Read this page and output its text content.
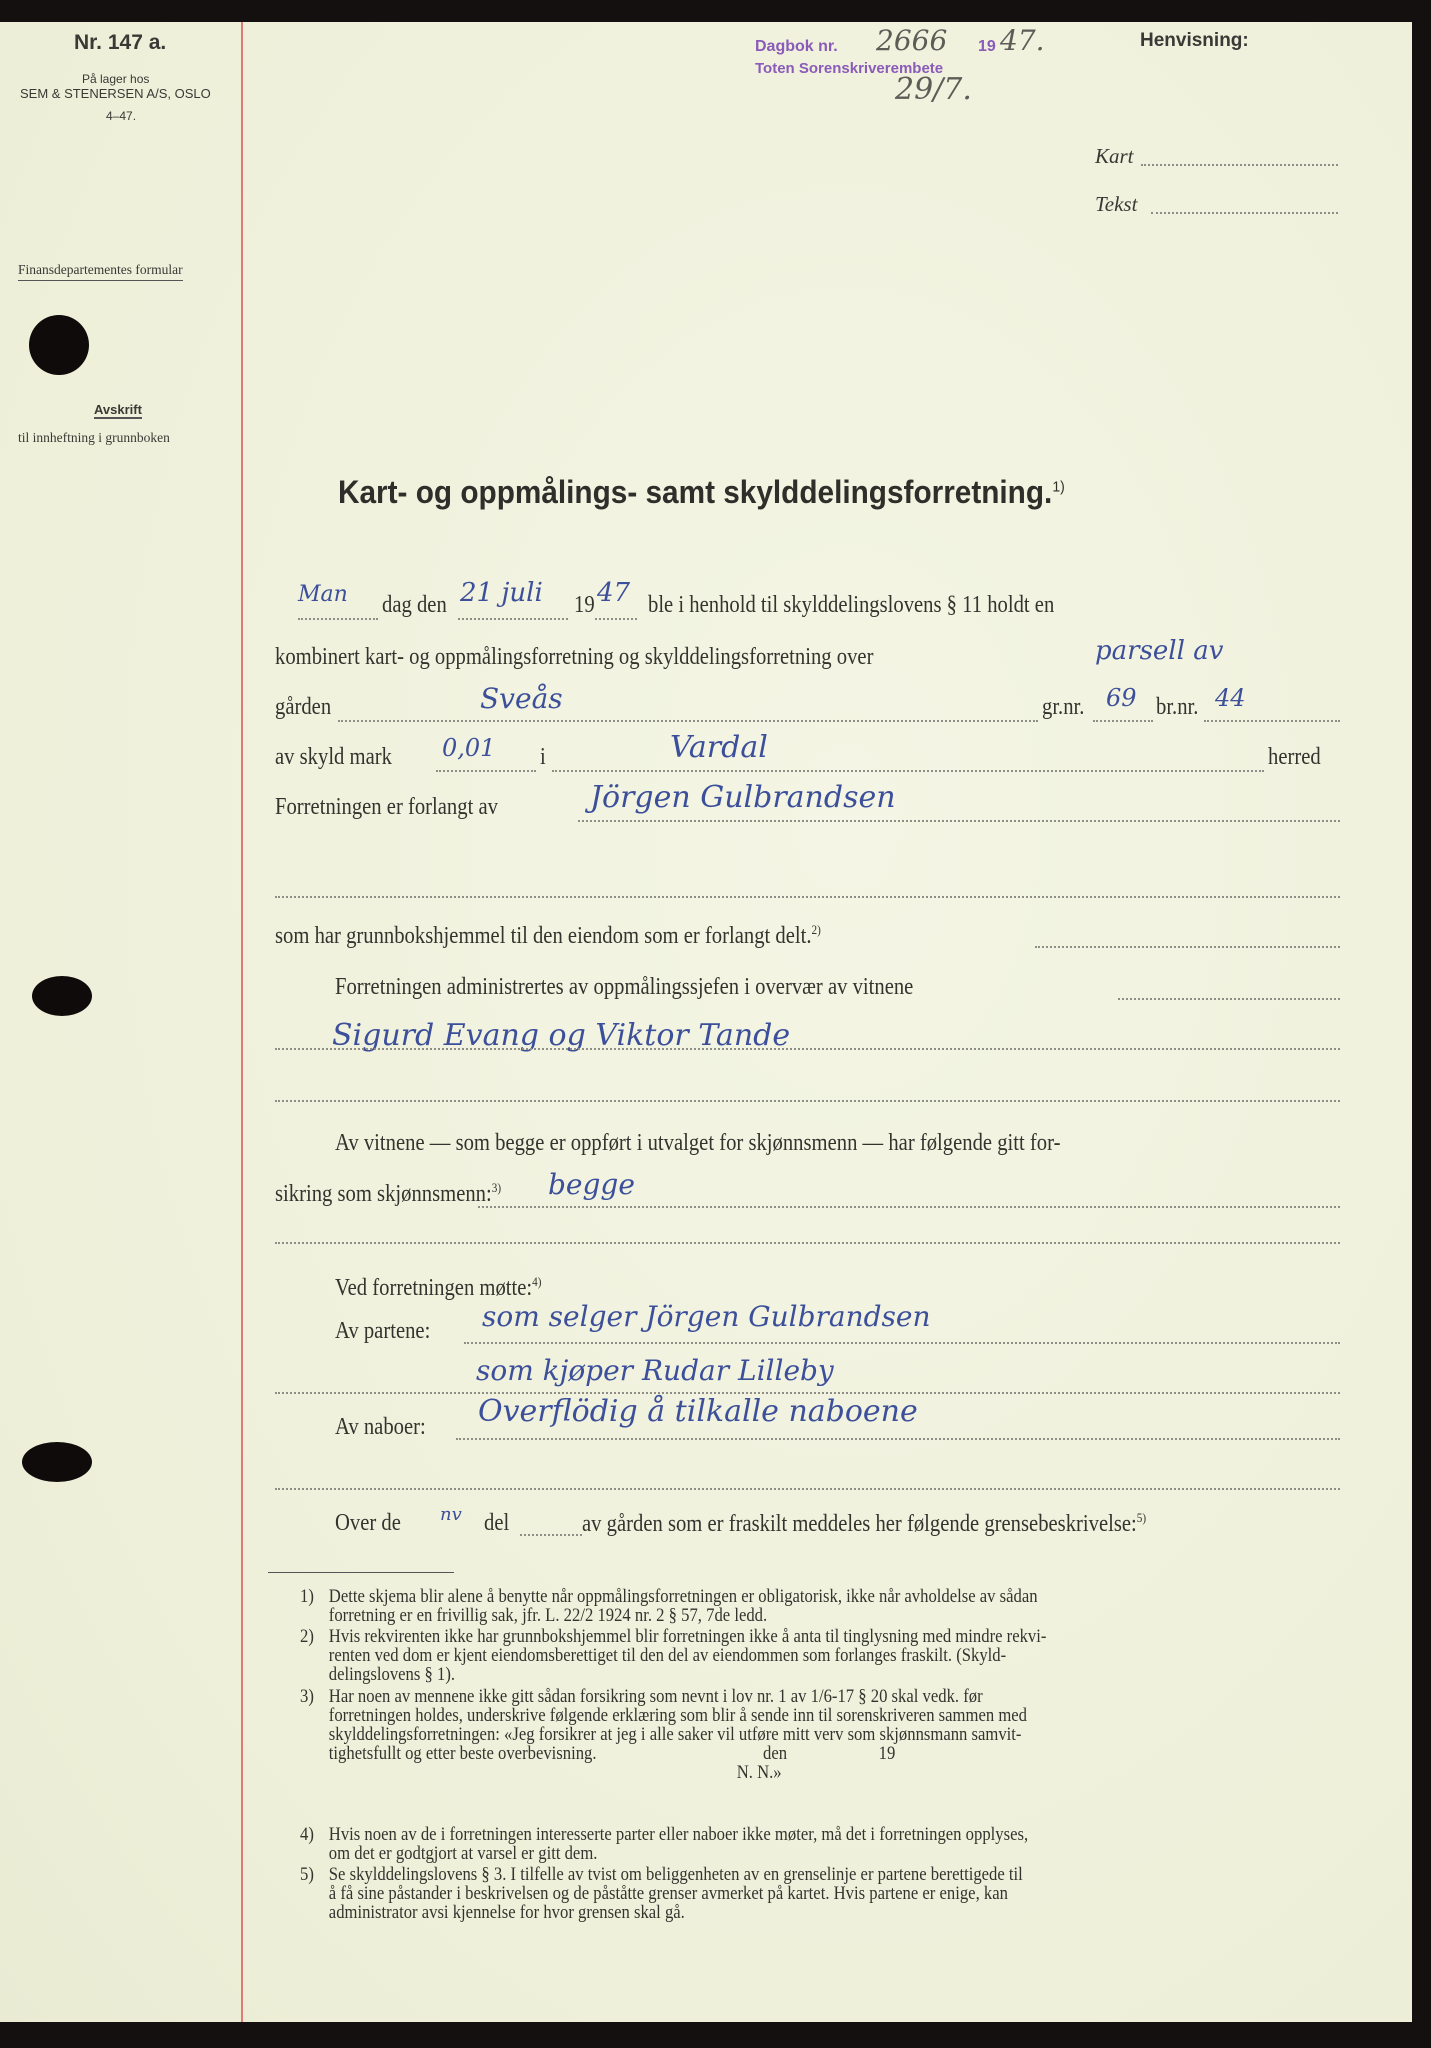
Nr. 147 a.
På lager hos
SEM & STENERSEN A/S, OSLO
4–47.
Finansdepartementes formular
Avskrift
til innheftning i grunnboken
Dagbok nr. 2666 19 47.
Toten Sorenskriverembete
29/7.
Henvisning:
Kart
Tekst
Kart- og oppmålings- samt skylddelingsforretning.$^{1)}$
Man dag den 21 juli 19 47 ble i henhold til skylddelingslovens § 11 holdt en
kombinert kart- og oppmålingsforretning og skylddelingsforretning over	parsell av
gården	Sveås	gr.nr. 69 br.nr. 44
av skyld mark 0,01 i	Vardal	herred
Forretningen er forlangt av	Jörgen Gulbrandsen
som har grunnbokshjemmel til den eiendom som er forlangt delt.$^{2)}$
Forretningen administrertes av oppmålingssjefen i overvær av vitnene
Sigurd Evang og Viktor Tande
Av vitnene — som begge er oppført i utvalget for skjønnsmenn — har følgende gitt for-
sikring som skjønnsmenn:$^{3)}$ begge
Ved forretningen møtte:$^{4)}$
Av partene: som selger Jörgen Gulbrandsen
som kjøper Rudar Lilleby
Av naboer: Overflödig å tilkalle naboene
Over de nv del	av gården som er fraskilt meddeles her følgende grensebeskrivelse:$^{5)}$
1) Dette skjema blir alene å benytte når oppmålingsforretningen er obligatorisk, ikke når avholdelse av sådan
forretning er en frivillig sak, jfr. L. 22/2 1924 nr. 2 § 57, 7de ledd.
2) Hvis rekvirenten ikke har grunnbokshjemmel blir forretningen ikke å anta til tinglysning med mindre rekvi-
renten ved dom er kjent eiendomsberettiget til den del av eiendommen som forlanges fraskilt. (Skyld-
delingslovens § 1).
3) Har noen av mennene ikke gitt sådan forsikring som nevnt i lov nr. 1 av 1/6-17 § 20 skal vedk. før
forretningen holdes, underskrive følgende erklæring som blir å sende inn til sorenskriveren sammen med
skylddelingsforretningen: «Jeg forsikrer at jeg i alle saker vil utføre mitt verv som skjønnsmann samvit-
tighetsfullt og etter beste overbevisning.                                        den                      19
N. N.»
4) Hvis noen av de i forretningen interesserte parter eller naboer ikke møter, må det i forretningen opplyses,
om det er godtgjort at varsel er gitt dem.
5) Se skylddelingslovens § 3. I tilfelle av tvist om beliggenheten av en grenselinje er partene berettigede til
å få sine påstander i beskrivelsen og de påståtte grenser avmerket på kartet. Hvis partene er enige, kan
administrator avsi kjennelse for hvor grensen skal gå.
